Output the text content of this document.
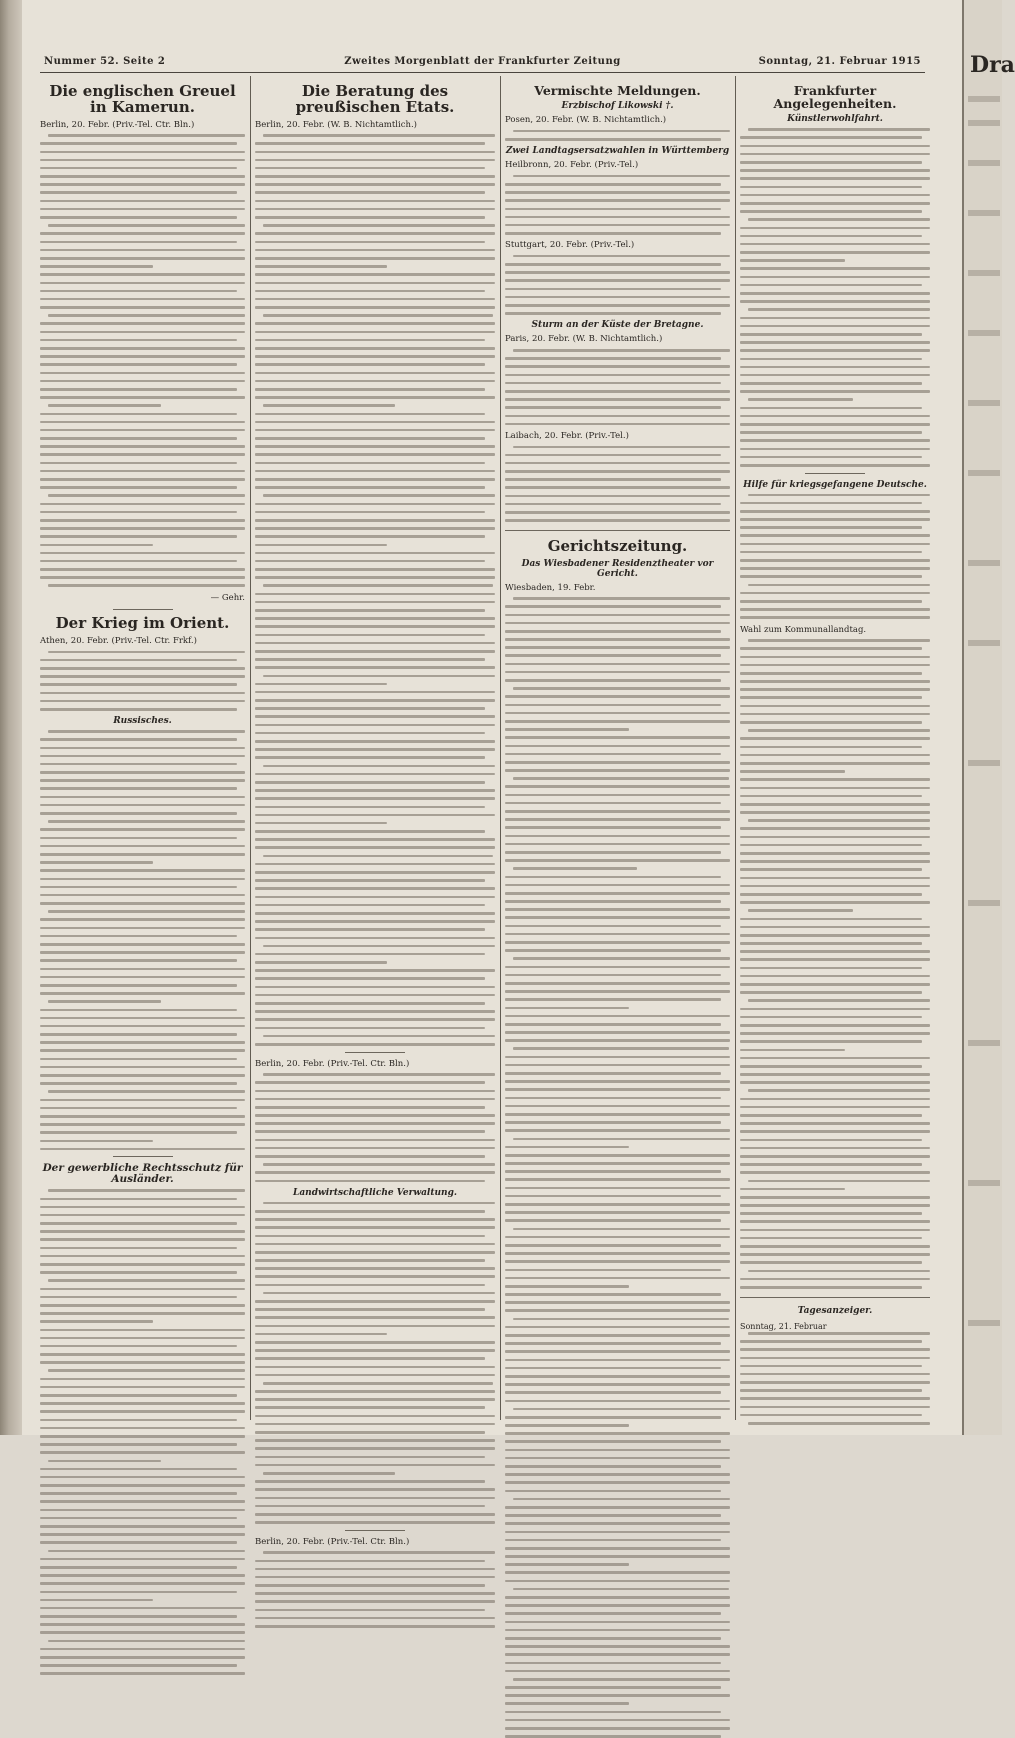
Nummer 52. Seite 2	Zweites Morgenblatt der Frankfurter Zeitung	Sonntag, 21. Februar 1915
Die englischen Greuel in Kamerun.
Berlin, 20. Febr. (Priv.-Tel. Ctr. Bln.)
— Gehr.
Der Krieg im Orient.
Athen, 20. Febr. (Priv.-Tel. Ctr. Frkf.)
Russisches.
Der gewerbliche Rechtsschutz für Ausländer.
Die Beratung des preußischen Etats.
Berlin, 20. Febr. (W. B. Nichtamtlich.)
Berlin, 20. Febr. (Priv.-Tel. Ctr. Bln.)
Landwirtschaftliche Verwaltung.
Berlin, 20. Febr. (Priv.-Tel. Ctr. Bln.)
Vermischte Meldungen.
Erzbischof Likowski †.
Posen, 20. Febr. (W. B. Nichtamtlich.)
Zwei Landtagsersatzwahlen in Württemberg
Heilbronn, 20. Febr. (Priv.-Tel.)
Stuttgart, 20. Febr. (Priv.-Tel.)
Sturm an der Küste der Bretagne.
Paris, 20. Febr. (W. B. Nichtamtlich.)
Laibach, 20. Febr. (Priv.-Tel.)
Gerichtszeitung.
Das Wiesbadener Residenztheater vor Gericht.
Wiesbaden, 19. Febr.
Frankfurter Angelegenheiten.
Künstlerwohlfahrt.
Hilfe für kriegsgefangene Deutsche.
Wahl zum Kommunallandtag.
Tagesanzeiger.
Sonntag, 21. Februar
Dra
